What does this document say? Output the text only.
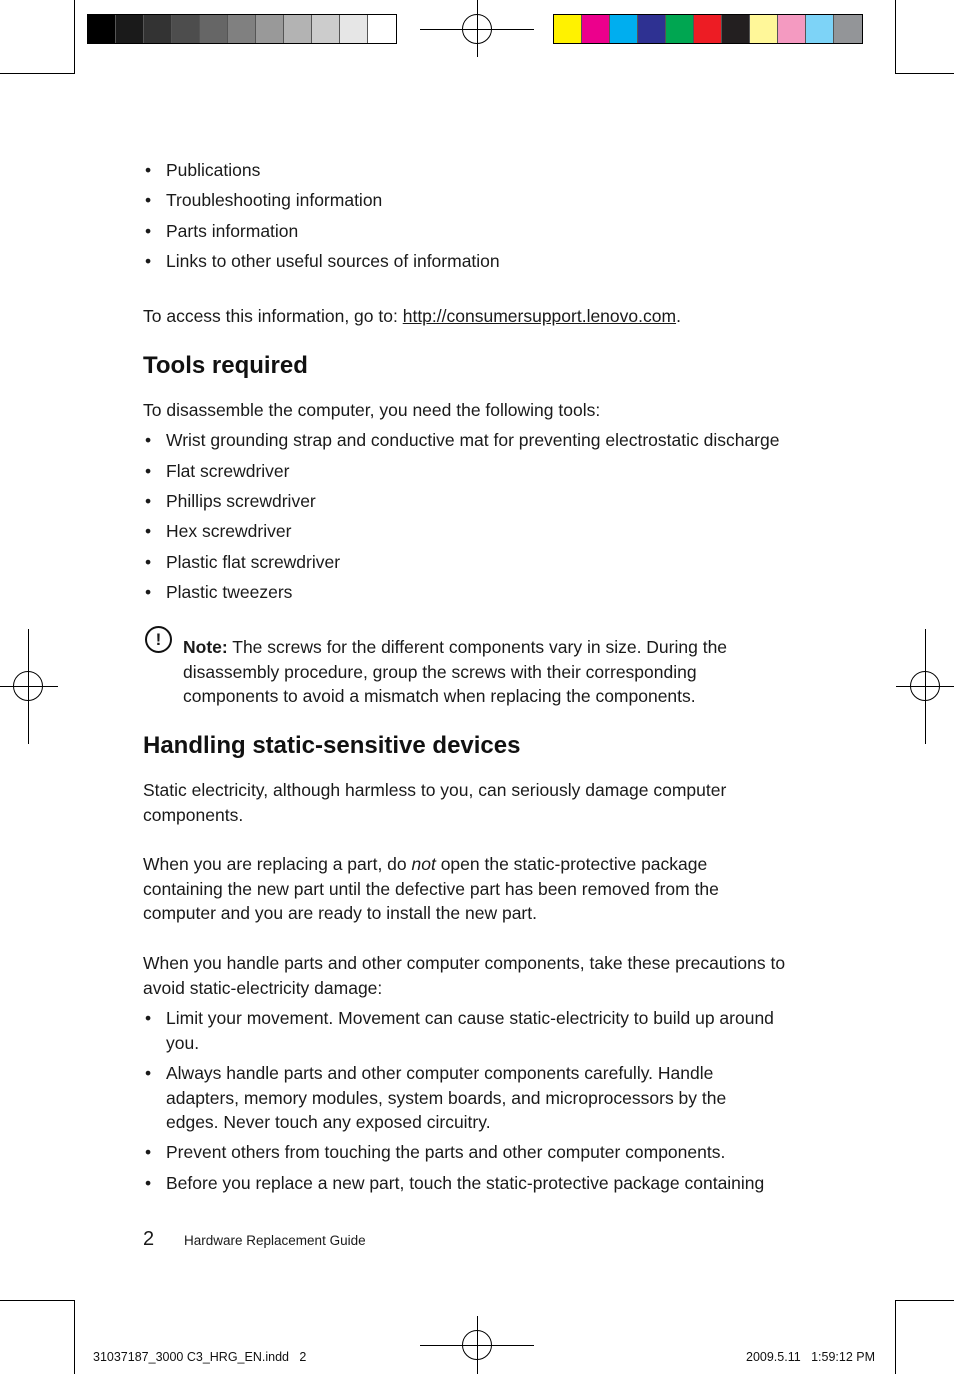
• Publications
• Troubleshooting information
• Parts information
• Links to other useful sources of information

To access this information, go to: http://consumersupport.lenovo.com.

Tools required

To disassemble the computer, you need the following tools:

• Wrist grounding strap and conductive mat for preventing electrostatic discharge
• Flat screwdriver
• Phillips screwdriver
• Hex screwdriver
• Plastic flat screwdriver
• Plastic tweezers
!	Note: The screws for the different components vary in size. During the disassembly procedure, group the screws with their corresponding components to avoid a mismatch when replacing the components.

Handling static-sensitive devices

Static electricity, although harmless to you, can seriously damage computer components.

When you are replacing a part, do not open the static-protective package containing the new part until the defective part has been removed from the computer and you are ready to install the new part.

When you handle parts and other computer components, take these precautions to avoid static-electricity damage:

• Limit your movement. Movement can cause static-electricity to build up around you.
• Always handle parts and other computer components carefully. Handle adapters, memory modules, system boards, and microprocessors by the edges. Never touch any exposed circuitry.
• Prevent others from touching the parts and other computer components.
• Before you replace a new part, touch the static-protective package containing
2 Hardware Replacement Guide
31037187_3000 C3_HRG_EN.indd   2	2009.5.11   1:59:12 PM
